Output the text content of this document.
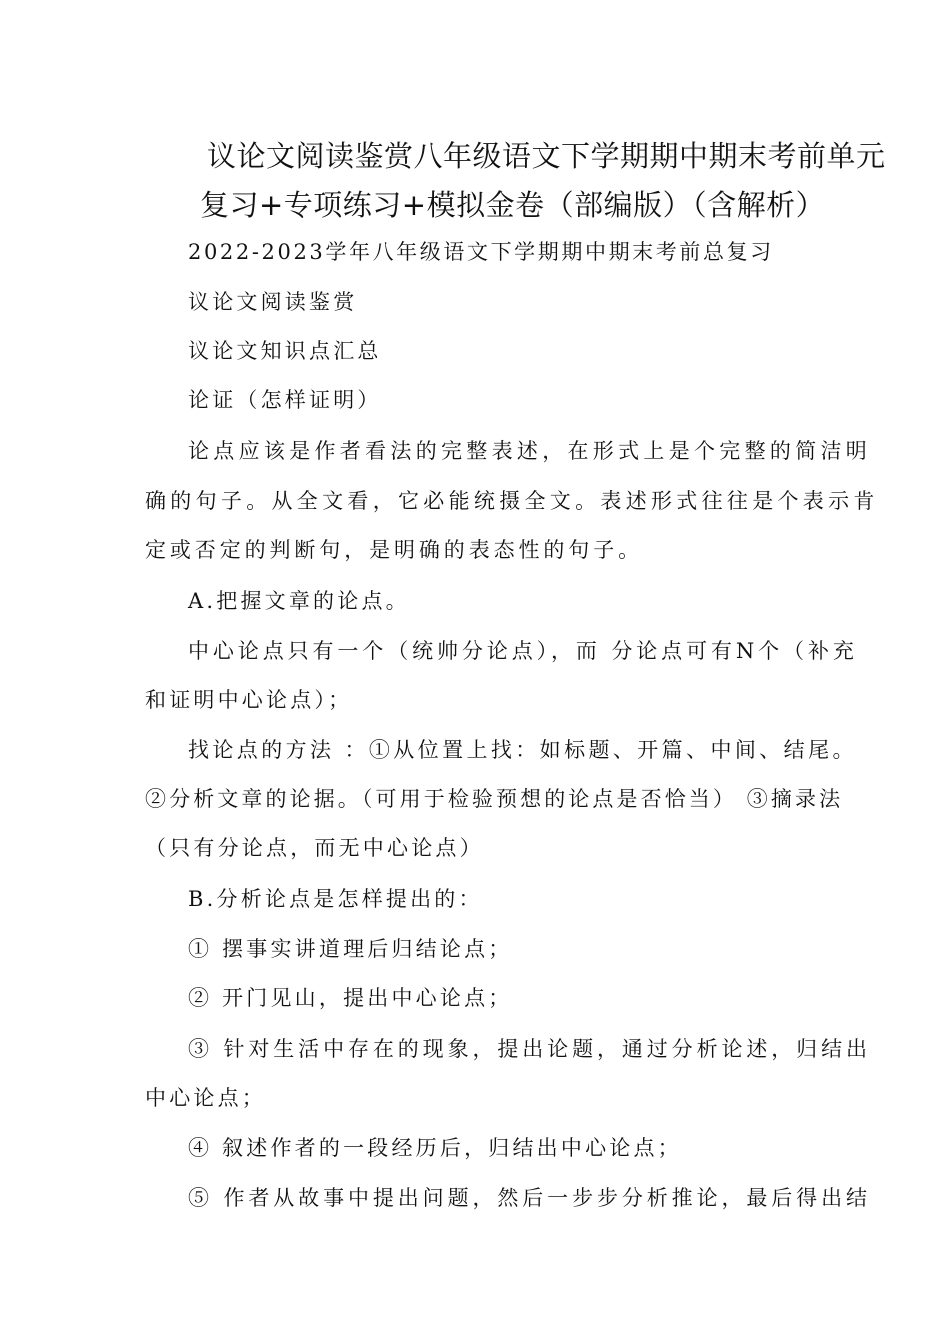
议论文阅读鉴赏八年级语文下学期期中期末考前单元
复习+专项练习+模拟金卷（部编版）（含解析）
2022-2023学年八年级语文下学期期中期末考前总复习
议论文阅读鉴赏
议论文知识点汇总
论证（怎样证明）
论点应该是作者看法的完整表述，在形式上是个完整的简洁明
确的句子。从全文看，它必能统摄全文。表述形式往往是个表示肯
定或否定的判断句，是明确的表态性的句子。
A.把握文章的论点。
中心论点只有一个（统帅分论点），而 分论点可有N个（补充
和证明中心论点）；
找论点的方法 ：①从位置上找：如标题、开篇、中间、结尾。
②分析文章的论据。（可用于检验预想的论点是否恰当） ③摘录法
（只有分论点，而无中心论点）
B.分析论点是怎样提出的：
① 摆事实讲道理后归结论点；
② 开门见山，提出中心论点；
③ 针对生活中存在的现象，提出论题，通过分析论述，归结出
中心论点；
④ 叙述作者的一段经历后，归结出中心论点；
⑤ 作者从故事中提出问题，然后一步步分析推论，最后得出结
